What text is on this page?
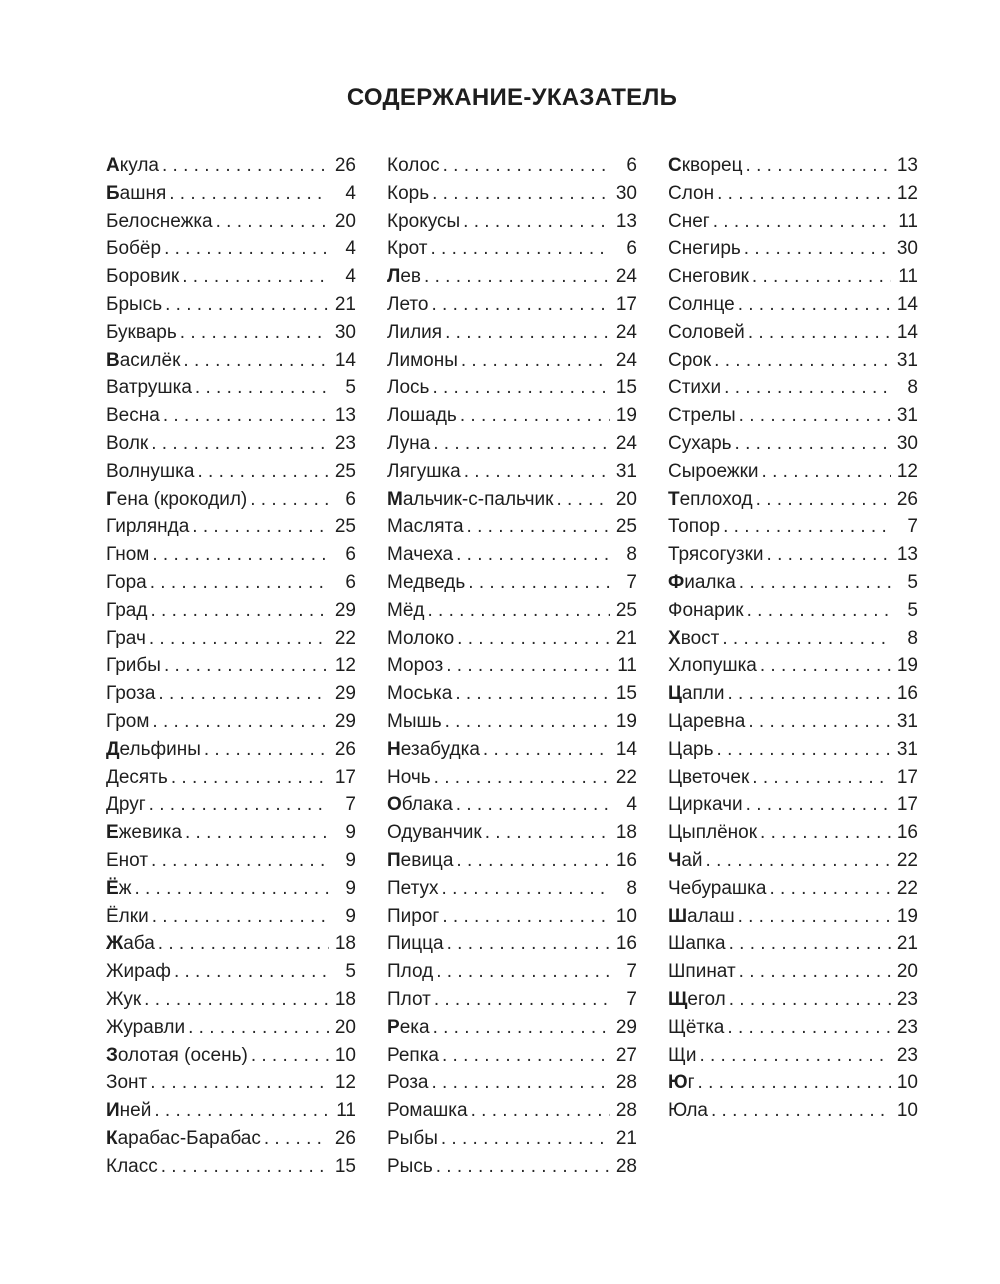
СОДЕРЖАНИЕ-УКАЗАТЕЛЬ
Акула . . .	26
Башня . . .	4
Белоснежка . . .	20
Бобёр . . .	4
Боровик . . .	4
Брысь . . .	21
Букварь . . .	30
Василёк . . .	14
Ватрушка . . .	5
Весна . . .	13
Волк . . .	23
Волнушка . . .	25
Гена (крокодил) . . .	6
Гирлянда . . .	25
Гном . . .	6
Гора . . .	6
Град . . .	29
Грач . . .	22
Грибы . . .	12
Гроза . . .	29
Гром . . .	29
Дельфины . . .	26
Десять . . .	17
Друг . . .	7
Ежевика . . .	9
Енот . . .	9
Ёж . . .	9
Ёлки . . .	9
Жаба . . .	18
Жираф . . .	5
Жук . . .	18
Журавли . . .	20
Золотая (осень) . . .	10
Зонт . . .	12
Иней . . .	11
Карабас-Барабас . . .	26
Класс . . .	15
Колос . . .	6
Корь . . .	30
Крокусы . . .	13
Крот . . .	6
Лев . . .	24
Лето . . .	17
Лилия . . .	24
Лимоны . . .	24
Лось . . .	15
Лошадь . . .	19
Луна . . .	24
Лягушка . . .	31
Мальчик-с-пальчик . . .	20
Маслята . . .	25
Мачеха . . .	8
Медведь . . .	7
Мёд . . .	25
Молоко . . .	21
Мороз . . .	11
Моська . . .	15
Мышь . . .	19
Незабудка . . .	14
Ночь . . .	22
Облака . . .	4
Одуванчик . . .	18
Певица . . .	16
Петух . . .	8
Пирог . . .	10
Пицца . . .	16
Плод . . .	7
Плот . . .	7
Река . . .	29
Репка . . .	27
Роза . . .	28
Ромашка . . .	28
Рыбы . . .	21
Рысь . . .	28
Скворец . . .	13
Слон . . .	12
Снег . . .	11
Снегирь . . .	30
Снеговик . . .	11
Солнце . . .	14
Соловей . . .	14
Срок . . .	31
Стихи . . .	8
Стрелы . . .	31
Сухарь . . .	30
Сыроежки . . .	12
Теплоход . . .	26
Топор . . .	7
Трясогузки . . .	13
Фиалка . . .	5
Фонарик . . .	5
Хвост . . .	8
Хлопушка . . .	19
Цапли . . .	16
Царевна . . .	31
Царь . . .	31
Цветочек . . .	17
Циркачи . . .	17
Цыплёнок . . .	16
Чай . . .	22
Чебурашка . . .	22
Шалаш . . .	19
Шапка . . .	21
Шпинат . . .	20
Щегол . . .	23
Щётка . . .	23
Щи . . .	23
Юг . . .	10
Юла . . .	10
